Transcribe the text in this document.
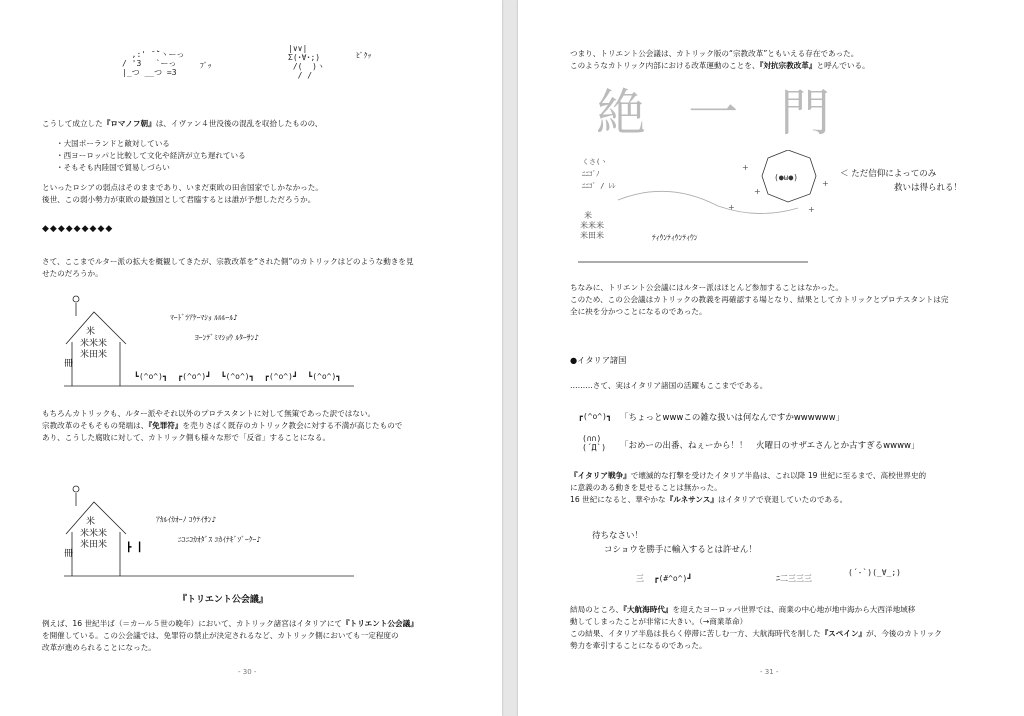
,:' ̄ ̄`ヽーっ
/ '3   `ーっ
|_つ __つ =3
ﾌﾞｯ
|∨∨|
Σ(･∀･;)
/(  )ヽ
/ /
ﾋﾞｸｯ
こうして成立した『ロマノフ朝』は、イヴァン４世没後の混乱を収拾したものの、
・大国ポーランドと敵対している
・西ヨーロッパと比較して文化や経済が立ち遅れている
・そもそも内陸国で貿易しづらい
といったロシアの弱点はそのままであり、いまだ東欧の田舎国家でしかなかった。
後世、この弱小勢力が東欧の最強国として君臨するとは誰が予想しただろうか。
◆◆◆◆◆◆◆◆◆
さて、ここまでルター派の拡大を概観してきたが、宗教改革を“された側”のカトリックはどのような動きを見
せたのだろうか。
米
米米米
米田米
冊
ﾏｰﾄﾞﾗｱｹｰﾏｼｮ ﾙﾙﾙｰﾙ♪
ﾖｰﾝﾃﾞﾐﾏｼｮｳ ﾙﾀｰｻﾝ♪
┗(^o^)┓  ┏(^o^)┛  ┗(^o^)┓  ┏(^o^)┛  ┗(^o^)┓
もちろんカトリックも、ルター派やそれ以外のプロテスタントに対して無策であった訳ではない。
宗教改革のそもそもの発端は、『免罪符』を売りさばく既存のカトリック教会に対する不満が高じたもので
あり、こうした腐敗に対して、カトリック側も様々な形で「反省」することになる。
米
米米米
米田米
冊
┣ ┃
ｱｶﾙｲｶｵｰﾉ ｺｳﾃｲｻﾝ♪
ﾆｺﾆｺｶｵﾀﾞｽ ﾕｶｲﾅｷﾞｿﾞｰｸｰ♪
『トリエント公会議』
例えば、16 世紀半ば（＝カール５世の晩年）において、カトリック諸宮はイタリアにて『トリエント公会議』
を開催している。この公会議では、免罪符の禁止が決定されるなど、カトリック側においても一定程度の
改革が進められることになった。
- 30 -
つまり、トリエント公会議は、カトリック版の“宗教改革”ともいえる存在であった。
このようなカトリック内部における改革運動のことを、『対抗宗教改革』と呼んでいる。
絶 一 門
(●ω●)
+
+
+
+	+
くさ(丶
ﾆﾆｺﾞﾉ
ﾆﾆｺﾞ / ﾚﾚ
米
米米米
米田米
＜ ただ信仰によってのみ
救いは得られる！
ﾃｨｳﾝﾃｨｳﾝﾃｨｳﾝ
ちなみに、トリエント公会議にはルター派はほとんど参加することはなかった。
このため、この公会議はカトリックの教義を再確認する場となり、結果としてカトリックとプロテスタントは完
全に袂を分かつことになるのであった。
●イタリア諸国
………さて、実はイタリア諸国の活躍もここまでである。
┏(^o^)┓ 「ちょっとwwwこの雑な扱いは何なんですかwwwwww」
(∩∩)
(´Д`) 「おめーの出番、ねぇーから！！　火曜日のサザエさんとか古すぎるwwww」
『イタリア戦争』で壊滅的な打撃を受けたイタリア半島は、これ以降 19 世紀に至るまで、高校世界史的
に意義のある動きを見せることは無かった。
16 世紀になると、華やかな『ルネサンス』はイタリアで衰退していたのである。
待ちなさい！
コショウを勝手に輸入するとは許せん！
三  ┏(#^o^)┛	ﾆ二三三三
(´-`)(_∀_;)
結局のところ、『大航海時代』を迎えたヨーロッパ世界では、商業の中心地が地中海から大西洋地域移
動してしまったことが非常に大きい。（→商業革命）
この結果、イタリア半島は長らく停滞に苦しむ一方、大航海時代を制した『スペイン』が、今後のカトリック
勢力を牽引することになるのであった。
- 31 -
